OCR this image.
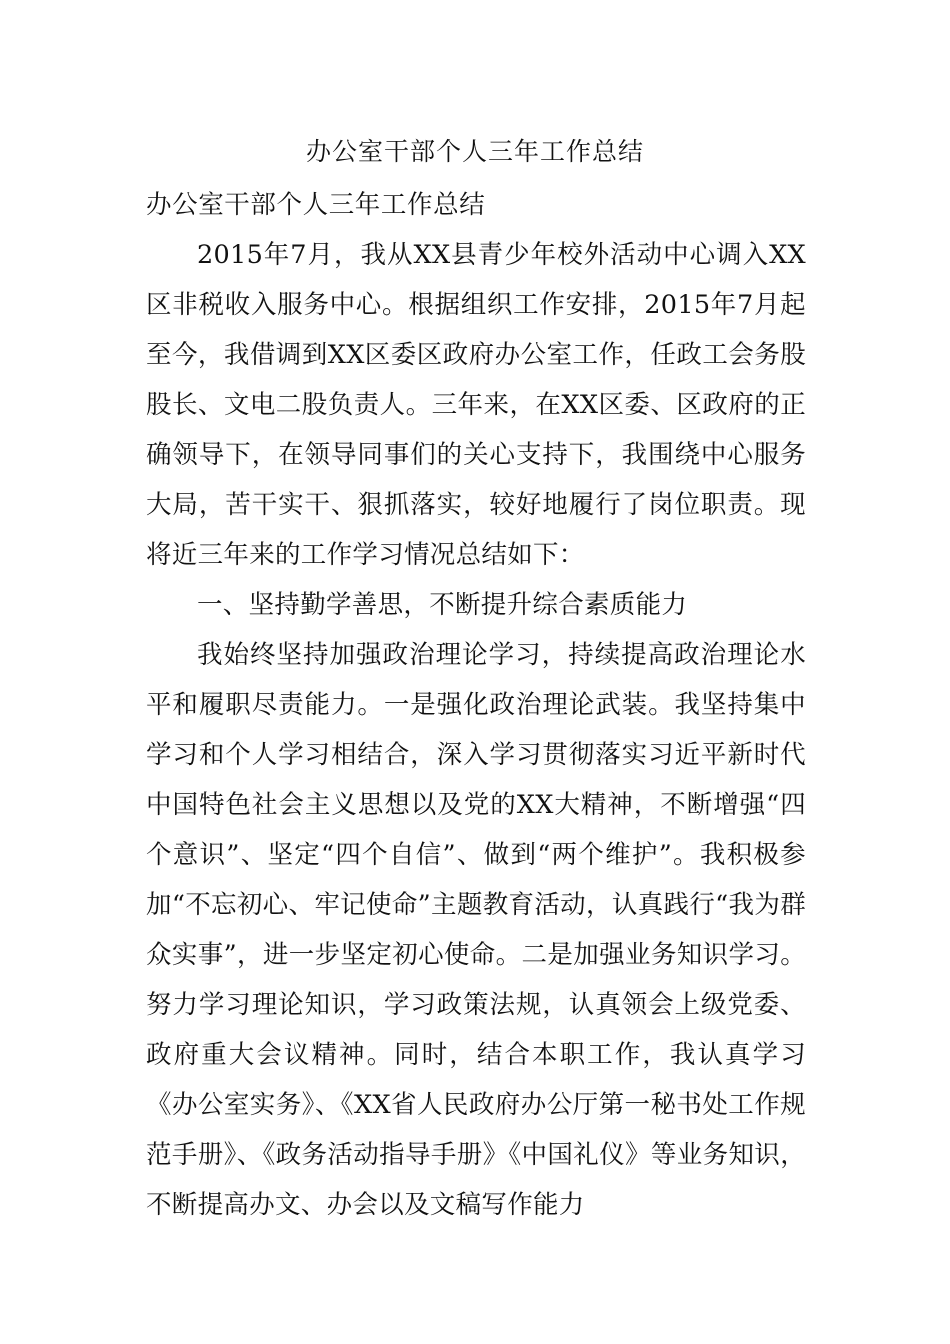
办公室干部个人三年工作总结

办公室干部个人三年工作总结

2015年7月，我从XX县青少年校外活动中心调入XX区非税收入服务中心。根据组织工作安排，2015年7月起至今，我借调到XX区委区政府办公室工作，任政工会务股股长、文电二股负责人。三年来，在XX区委、区政府的正确领导下，在领导同事们的关心支持下，我围绕中心服务大局，苦干实干、狠抓落实，较好地履行了岗位职责。现将近三年来的工作学习情况总结如下：

一、坚持勤学善思，不断提升综合素质能力

我始终坚持加强政治理论学习，持续提高政治理论水平和履职尽责能力。一是强化政治理论武装。我坚持集中学习和个人学习相结合，深入学习贯彻落实习近平新时代中国特色社会主义思想以及党的XX大精神，不断增强“四个意识”、坚定“四个自信”、做到“两个维护”。我积极参加“不忘初心、牢记使命”主题教育活动，认真践行“我为群众实事”，进一步坚定初心使命。二是加强业务知识学习。努力学习理论知识，学习政策法规，认真领会上级党委、政府重大会议精神。同时，结合本职工作，我认真学习《办公室实务》、《XX省人民政府办公厅第一秘书处工作规范手册》、《政务活动指导手册》《中国礼仪》等业务知识，不断提高办文、办会以及文稿写作能力
